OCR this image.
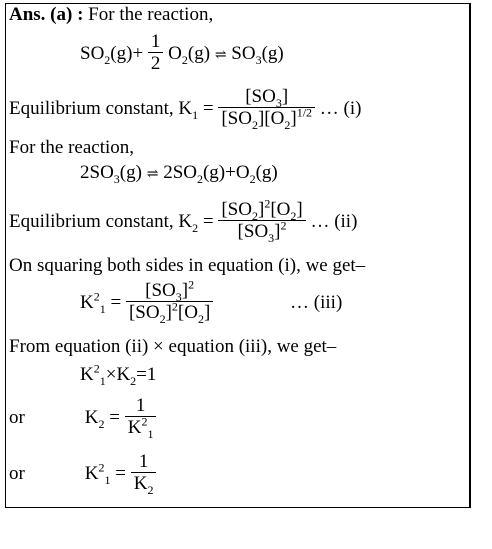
Ans. (a) : For the reaction,
$SO_2(g)+ \frac{1}{2} O_2(g)$ ⇌ $SO_3(g)$
Equilibrium constant, $K_1 = \frac{[SO_3]}{[SO_2][O_2]^{1/2}}$ … (i)
For the reaction,
$2SO_3(g)$ ⇌ $2SO_2(g)+O_2(g)$
Equilibrium constant, $K_2 = \frac{[SO_2]^2[O_2]}{[SO_3]^2}$ … (ii)
On squaring both sides in equation (i), we get–
$K^2_1 = \frac{[SO_3]^2}{[SO_2]^2[O_2]}$	… (iii)
From equation (ii) × equation (iii), we get–
$K^2_1\times K_2=1$
or	$K_2 = \frac{1}{K^2_1}$
or	$K^2_1 = \frac{1}{K_2}$
